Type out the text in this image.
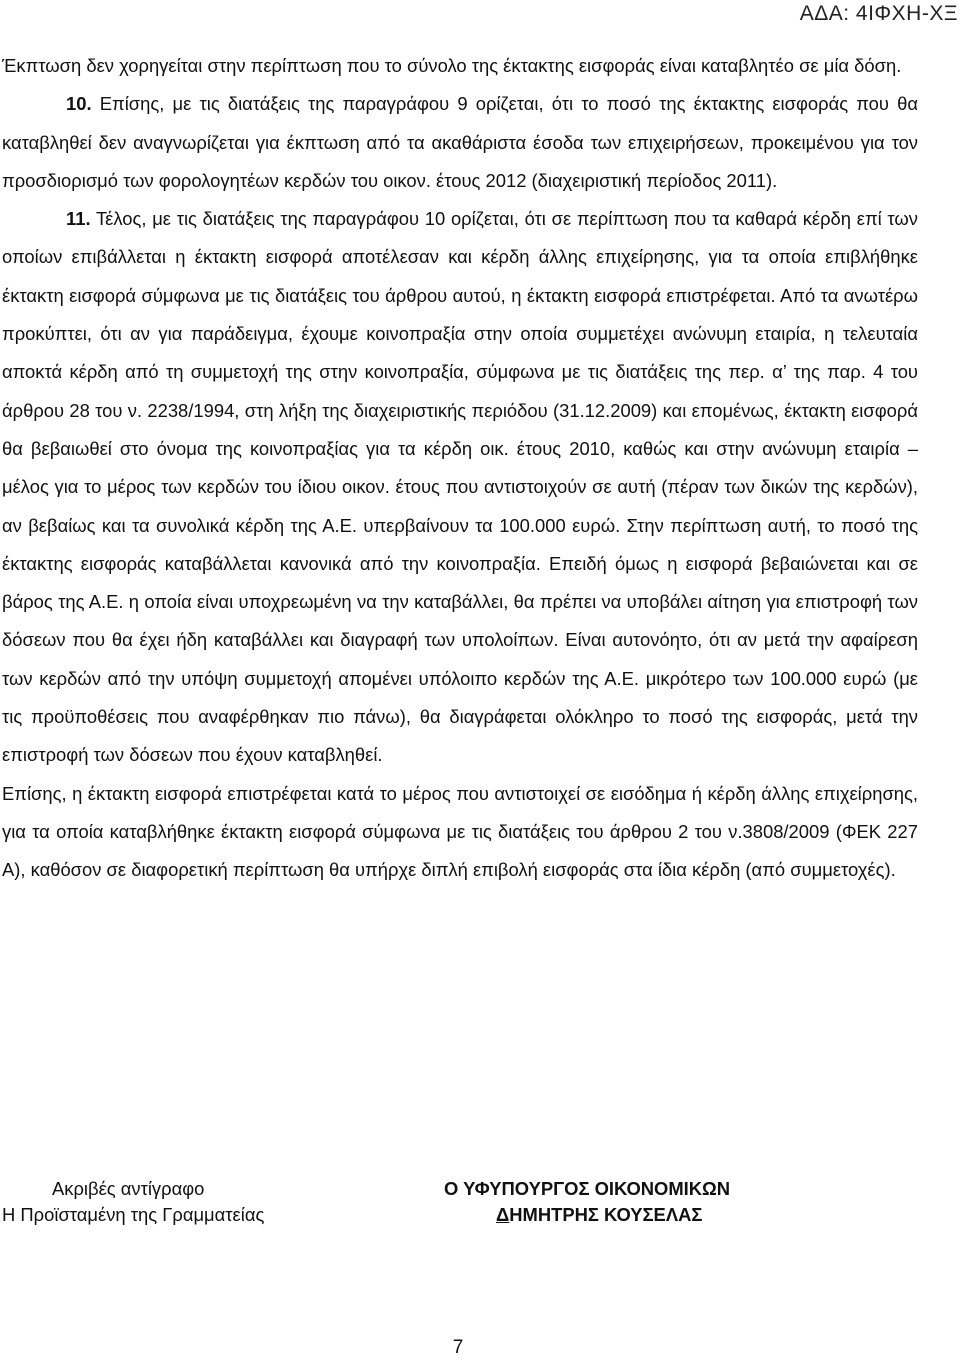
ΑΔΑ: 4ΙΦΧΗ-ΧΞ

Έκπτωση δεν χορηγείται στην περίπτωση που το σύνολο της έκτακτης εισφοράς είναι καταβλητέο σε μία δόση.

10. Επίσης, με τις διατάξεις της παραγράφου 9 ορίζεται, ότι το ποσό της έκτακτης εισφοράς που θα καταβληθεί δεν αναγνωρίζεται για έκπτωση από τα ακαθάριστα έσοδα των επιχειρήσεων, προκειμένου για τον προσδιορισμό των φορολογητέων κερδών του οικον. έτους 2012 (διαχειριστική περίοδος 2011).

11. Τέλος, με τις διατάξεις της παραγράφου 10 ορίζεται, ότι σε περίπτωση που τα καθαρά κέρδη επί των οποίων επιβάλλεται η έκτακτη εισφορά αποτέλεσαν και κέρδη άλλης επιχείρησης, για τα οποία επιβλήθηκε έκτακτη εισφορά σύμφωνα με τις διατάξεις του άρθρου αυτού, η έκτακτη εισφορά επιστρέφεται. Από τα ανωτέρω προκύπτει, ότι αν για παράδειγμα, έχουμε κοινοπραξία στην οποία συμμετέχει ανώνυμη εταιρία, η τελευταία αποκτά κέρδη από τη συμμετοχή της στην κοινοπραξία, σύμφωνα με τις διατάξεις της περ. α’ της παρ. 4 του άρθρου 28 του ν. 2238/1994, στη λήξη της διαχειριστικής περιόδου (31.12.2009) και επομένως, έκτακτη εισφορά θα βεβαιωθεί στο όνομα της κοινοπραξίας για τα κέρδη οικ. έτους 2010, καθώς και στην ανώνυμη εταιρία – μέλος για το μέρος των κερδών του ίδιου οικον. έτους που αντιστοιχούν σε αυτή (πέραν των δικών της κερδών), αν βεβαίως και τα συνολικά κέρδη της Α.Ε. υπερβαίνουν τα 100.000 ευρώ. Στην περίπτωση αυτή, το ποσό της έκτακτης εισφοράς καταβάλλεται κανονικά από την κοινοπραξία. Επειδή όμως η εισφορά βεβαιώνεται και σε βάρος της Α.Ε. η οποία είναι υποχρεωμένη να την καταβάλλει, θα πρέπει να υποβάλει αίτηση για επιστροφή των δόσεων που θα έχει ήδη καταβάλλει και διαγραφή των υπολοίπων. Είναι αυτονόητο, ότι αν μετά την αφαίρεση των κερδών από την υπόψη συμμετοχή απομένει υπόλοιπο κερδών της Α.Ε. μικρότερο των 100.000 ευρώ (με τις προϋποθέσεις που αναφέρθηκαν πιο πάνω), θα διαγράφεται ολόκληρο το ποσό της εισφοράς, μετά την επιστροφή των δόσεων που έχουν καταβληθεί.

Επίσης, η έκτακτη εισφορά επιστρέφεται κατά το μέρος που αντιστοιχεί σε εισόδημα ή κέρδη άλλης επιχείρησης, για τα οποία καταβλήθηκε έκτακτη εισφορά σύμφωνα με τις διατάξεις του άρθρου 2 του ν.3808/2009 (ΦΕΚ 227 Α), καθόσον σε διαφορετική περίπτωση θα υπήρχε διπλή επιβολή εισφοράς στα ίδια κέρδη (από συμμετοχές).

Ακριβές αντίγραφο
Η Προϊσταμένη της Γραμματείας
Ο ΥΦΥΠΟΥΡΓΟΣ ΟΙΚΟΝΟΜΙΚΩΝ
ΔΗΜΗΤΡΗΣ ΚΟΥΣΕΛΑΣ
7
